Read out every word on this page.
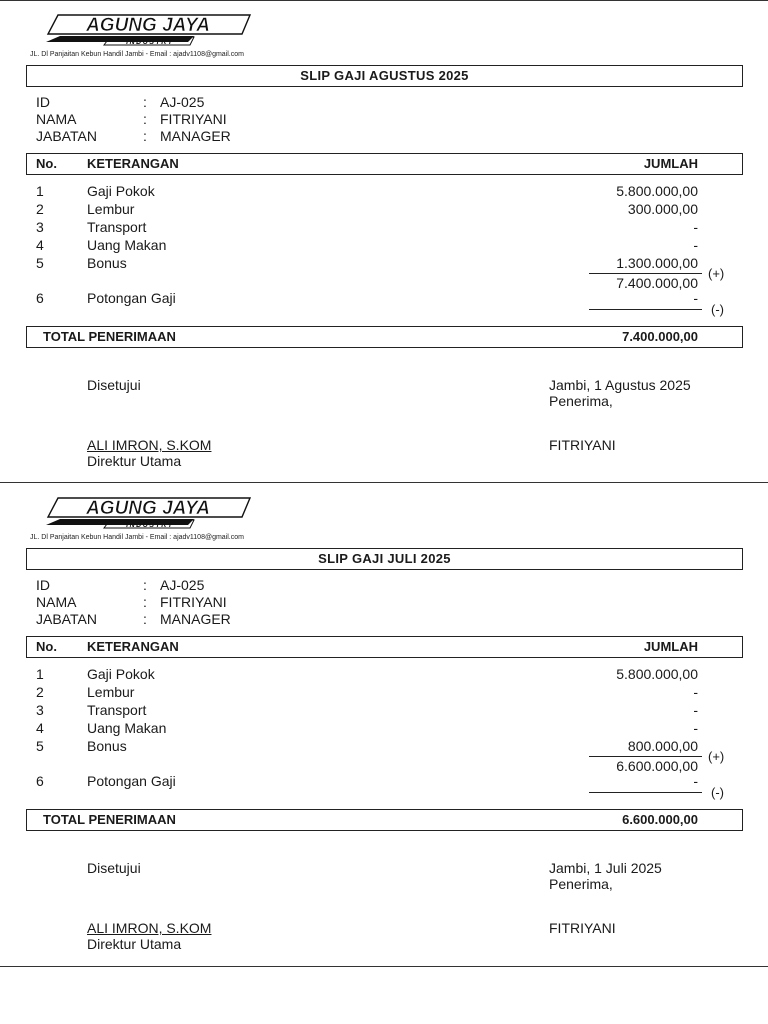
AGUNG JAYA
INDUSTRY
JL. Dl Panjaitan Kebun Handil Jambi - Email : ajadv1108@gmail.com
SLIP GAJI AGUSTUS 2025
ID	: AJ-025
NAMA	: FITRIYANI
JABATAN	: MANAGER
No. KETERANGAN	JUMLAH
1	Gaji Pokok	5.800.000,00
2	Lembur	300.000,00
3	Transport	-
4	Uang Makan	-
5	Bonus	1.300.000,00
(+)
7.400.000,00
6	Potongan Gaji	-
(-)
TOTAL PENERIMAAN	7.400.000,00
Disetujui	Jambi, 1 Agustus 2025
Penerima,
ALI IMRON, S.KOM
Direktur Utama
FITRIYANI
AGUNG JAYA
INDUSTRY
JL. Dl Panjaitan Kebun Handil Jambi - Email : ajadv1108@gmail.com
SLIP GAJI JULI 2025
ID	: AJ-025
NAMA	: FITRIYANI
JABATAN	: MANAGER
No. KETERANGAN	JUMLAH
1	Gaji Pokok	5.800.000,00
2	Lembur	-
3	Transport	-
4	Uang Makan	-
5	Bonus	800.000,00
(+)
6.600.000,00
6	Potongan Gaji	-
(-)
TOTAL PENERIMAAN	6.600.000,00
Disetujui	Jambi, 1 Juli 2025
Penerima,
ALI IMRON, S.KOM
Direktur Utama
FITRIYANI
